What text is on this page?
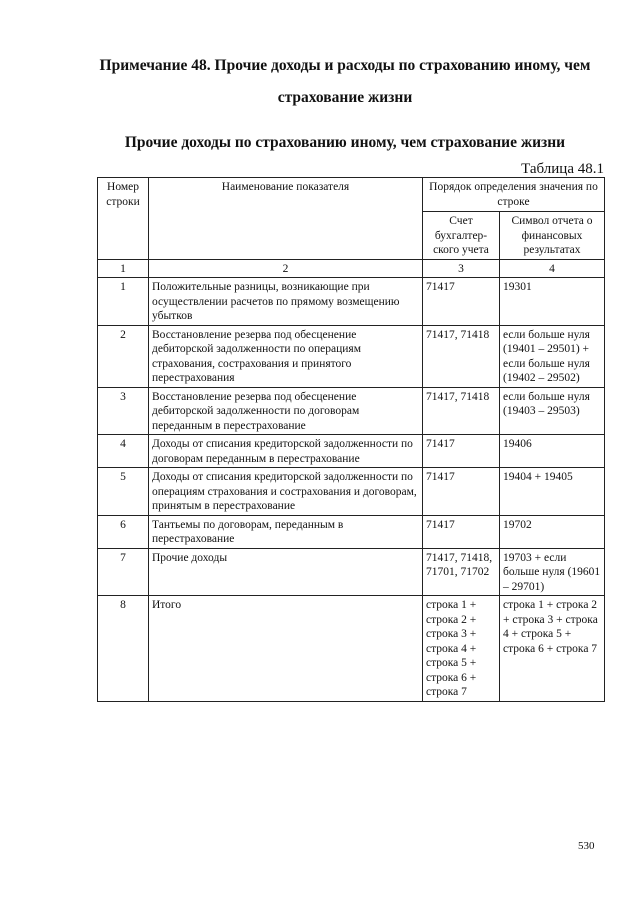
Примечание 48. Прочие доходы и расходы по страхованию иному, чем
страхование жизни
Прочие доходы по страхованию иному, чем страхование жизни
Таблица 48.1
Номер строки	Наименование показателя	Порядок определения значения по строке	
		Счет бухгалтер-ского учета	Символ отчета о финансовых результатах
1	2	3	4
1	Положительные разницы, возникающие при осуществлении расчетов по прямому возмещению убытков	71417	19301
2	Восстановление резерва под обесценение дебиторской задолженности по операциям страхования, сострахования и принятого перестрахования	71417, 71418	если больше нуля (19401 – 29501) + если больше нуля (19402 – 29502)
3	Восстановление резерва под обесценение дебиторской задолженности по договорам переданным в перестрахование	71417, 71418	если больше нуля (19403 – 29503)
4	Доходы от списания кредиторской задолженности по договорам переданным в перестрахование	71417	19406
5	Доходы от списания кредиторской задолженности по операциям страхования и сострахования и договорам, принятым в перестрахование	71417	19404 + 19405
6	Тантьемы по договорам, переданным в перестрахование	71417	19702
7	Прочие доходы	71417, 71418, 71701, 71702	19703 + если больше нуля (19601 – 29701)
8	Итого	строка 1 + строка 2 + строка 3 + строка 4 + строка 5 + строка 6 + строка 7	строка 1 + строка 2 + строка 3 + строка 4 + строка 5 + строка 6 + строка 7
530
